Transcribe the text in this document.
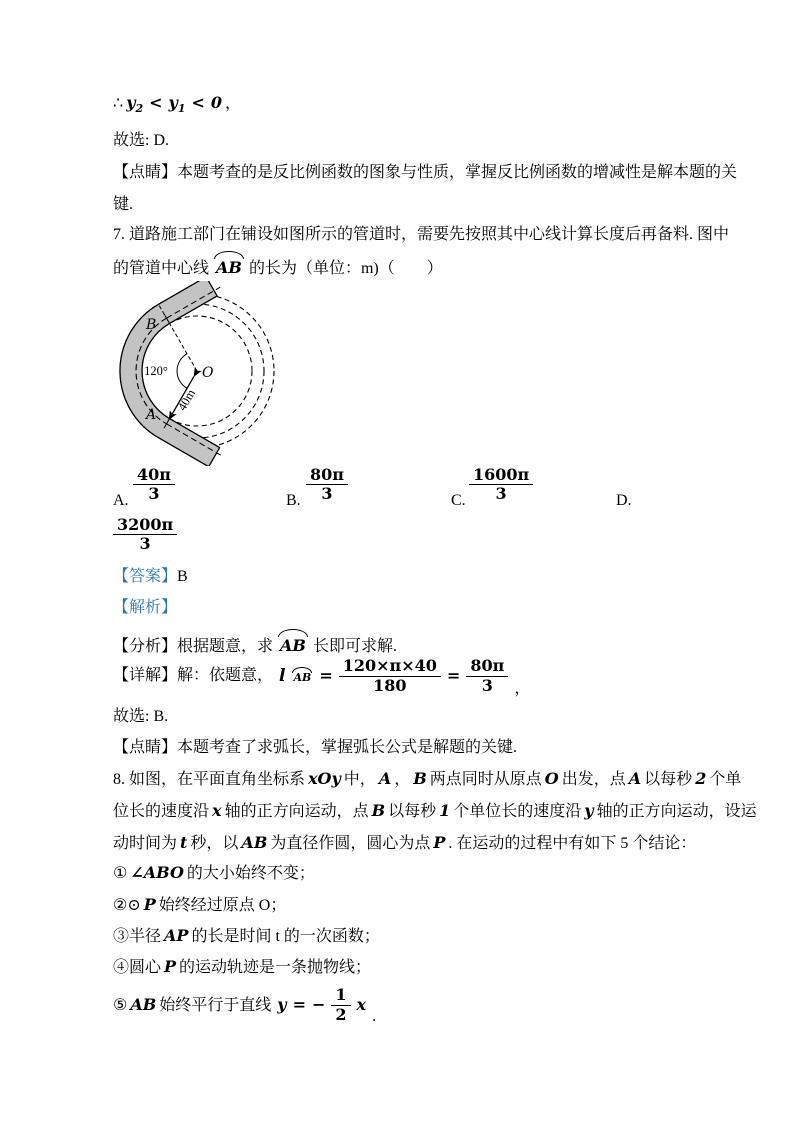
∴ $y_2 < y_1 < 0$ ，
故选: D.
【点睛】本题考查的是反比例函数的图象与性质，掌握反比例函数的增减性是解本题的关
键.
7. 道路施工部门在铺设如图所示的管道时，需要先按照其中心线计算长度后再备料. 图中
的管道中心线 AB 的长为（单位：m)（　　）
B
A
O
120°
40m
A. $\frac{40\pi}{3}$	B. $\frac{80\pi}{3}$	C. $\frac{1600\pi}{3}$	D.
$\frac{3200\pi}{3}$
【答案】B
【解析】
【分析】根据题意，求 AB 长即可求解.
【详解】解：依题意， l AB = $\frac{120\times\pi\times 40}{180} = \frac{80\pi}{3}$ ，
故选: B.
【点睛】本题考查了求弧长，掌握弧长公式是解题的关键.
8. 如图，在平面直角坐标系 xOy 中， A ， B 两点同时从原点 O 出发，点 A 以每秒 2 个单
位长的速度沿 x 轴的正方向运动，点 B 以每秒 1 个单位长的速度沿 y 轴的正方向运动，设运
动时间为 t 秒，以 AB 为直径作圆，圆心为点 P . 在运动的过程中有如下 5 个结论：
① ∠ABO 的大小始终不变；
②⊙ P 始终经过原点 O；
③半径 AP 的长是时间 t 的一次函数；
④圆心 P 的运动轨迹是一条抛物线；
⑤ AB 始终平行于直线 y = − $\frac{1}{2}$ x
.
